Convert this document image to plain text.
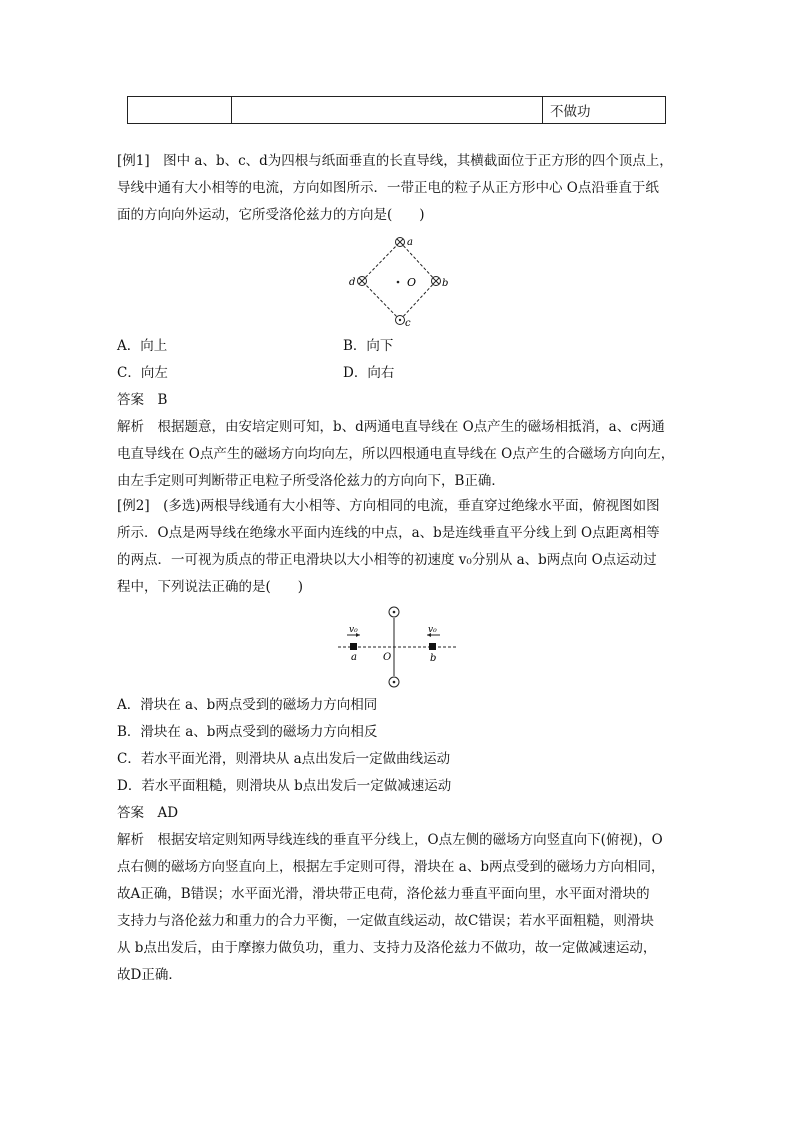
不做功
[例1]　图中 a、b、c、d为四根与纸面垂直的长直导线，其横截面位于正方形的四个顶点上，
导线中通有大小相等的电流，方向如图所示．一带正电的粒子从正方形中心 O点沿垂直于纸
面的方向向外运动，它所受洛伦兹力的方向是(　　)
O
a
b
c
d
A．向上	B．向下
C．向左	D．向右
答案　B
解析　根据题意，由安培定则可知，b、d两通电直导线在 O点产生的磁场相抵消，a、c两通
电直导线在 O点产生的磁场方向均向左，所以四根通电直导线在 O点产生的合磁场方向向左，
由左手定则可判断带正电粒子所受洛伦兹力的方向向下，B正确．
[例2]　(多选)两根导线通有大小相等、方向相同的电流，垂直穿过绝缘水平面，俯视图如图
所示．O点是两导线在绝缘水平面内连线的中点，a、b是连线垂直平分线上到 O点距离相等
的两点．一可视为质点的带正电滑块以大小相等的初速度 v₀分别从 a、b两点向 O点运动过
程中，下列说法正确的是(　　)
v₀	v₀
a	O	b
A．滑块在 a、b两点受到的磁场力方向相同
B．滑块在 a、b两点受到的磁场力方向相反
C．若水平面光滑，则滑块从 a点出发后一定做曲线运动
D．若水平面粗糙，则滑块从 b点出发后一定做减速运动
答案　AD
解析　根据安培定则知两导线连线的垂直平分线上，O点左侧的磁场方向竖直向下(俯视)，O
点右侧的磁场方向竖直向上，根据左手定则可得，滑块在 a、b两点受到的磁场力方向相同，
故A正确，B错误；水平面光滑，滑块带正电荷，洛伦兹力垂直平面向里，水平面对滑块的
支持力与洛伦兹力和重力的合力平衡，一定做直线运动，故C错误；若水平面粗糙，则滑块
从 b点出发后，由于摩擦力做负功，重力、支持力及洛伦兹力不做功，故一定做减速运动，
故D正确．
